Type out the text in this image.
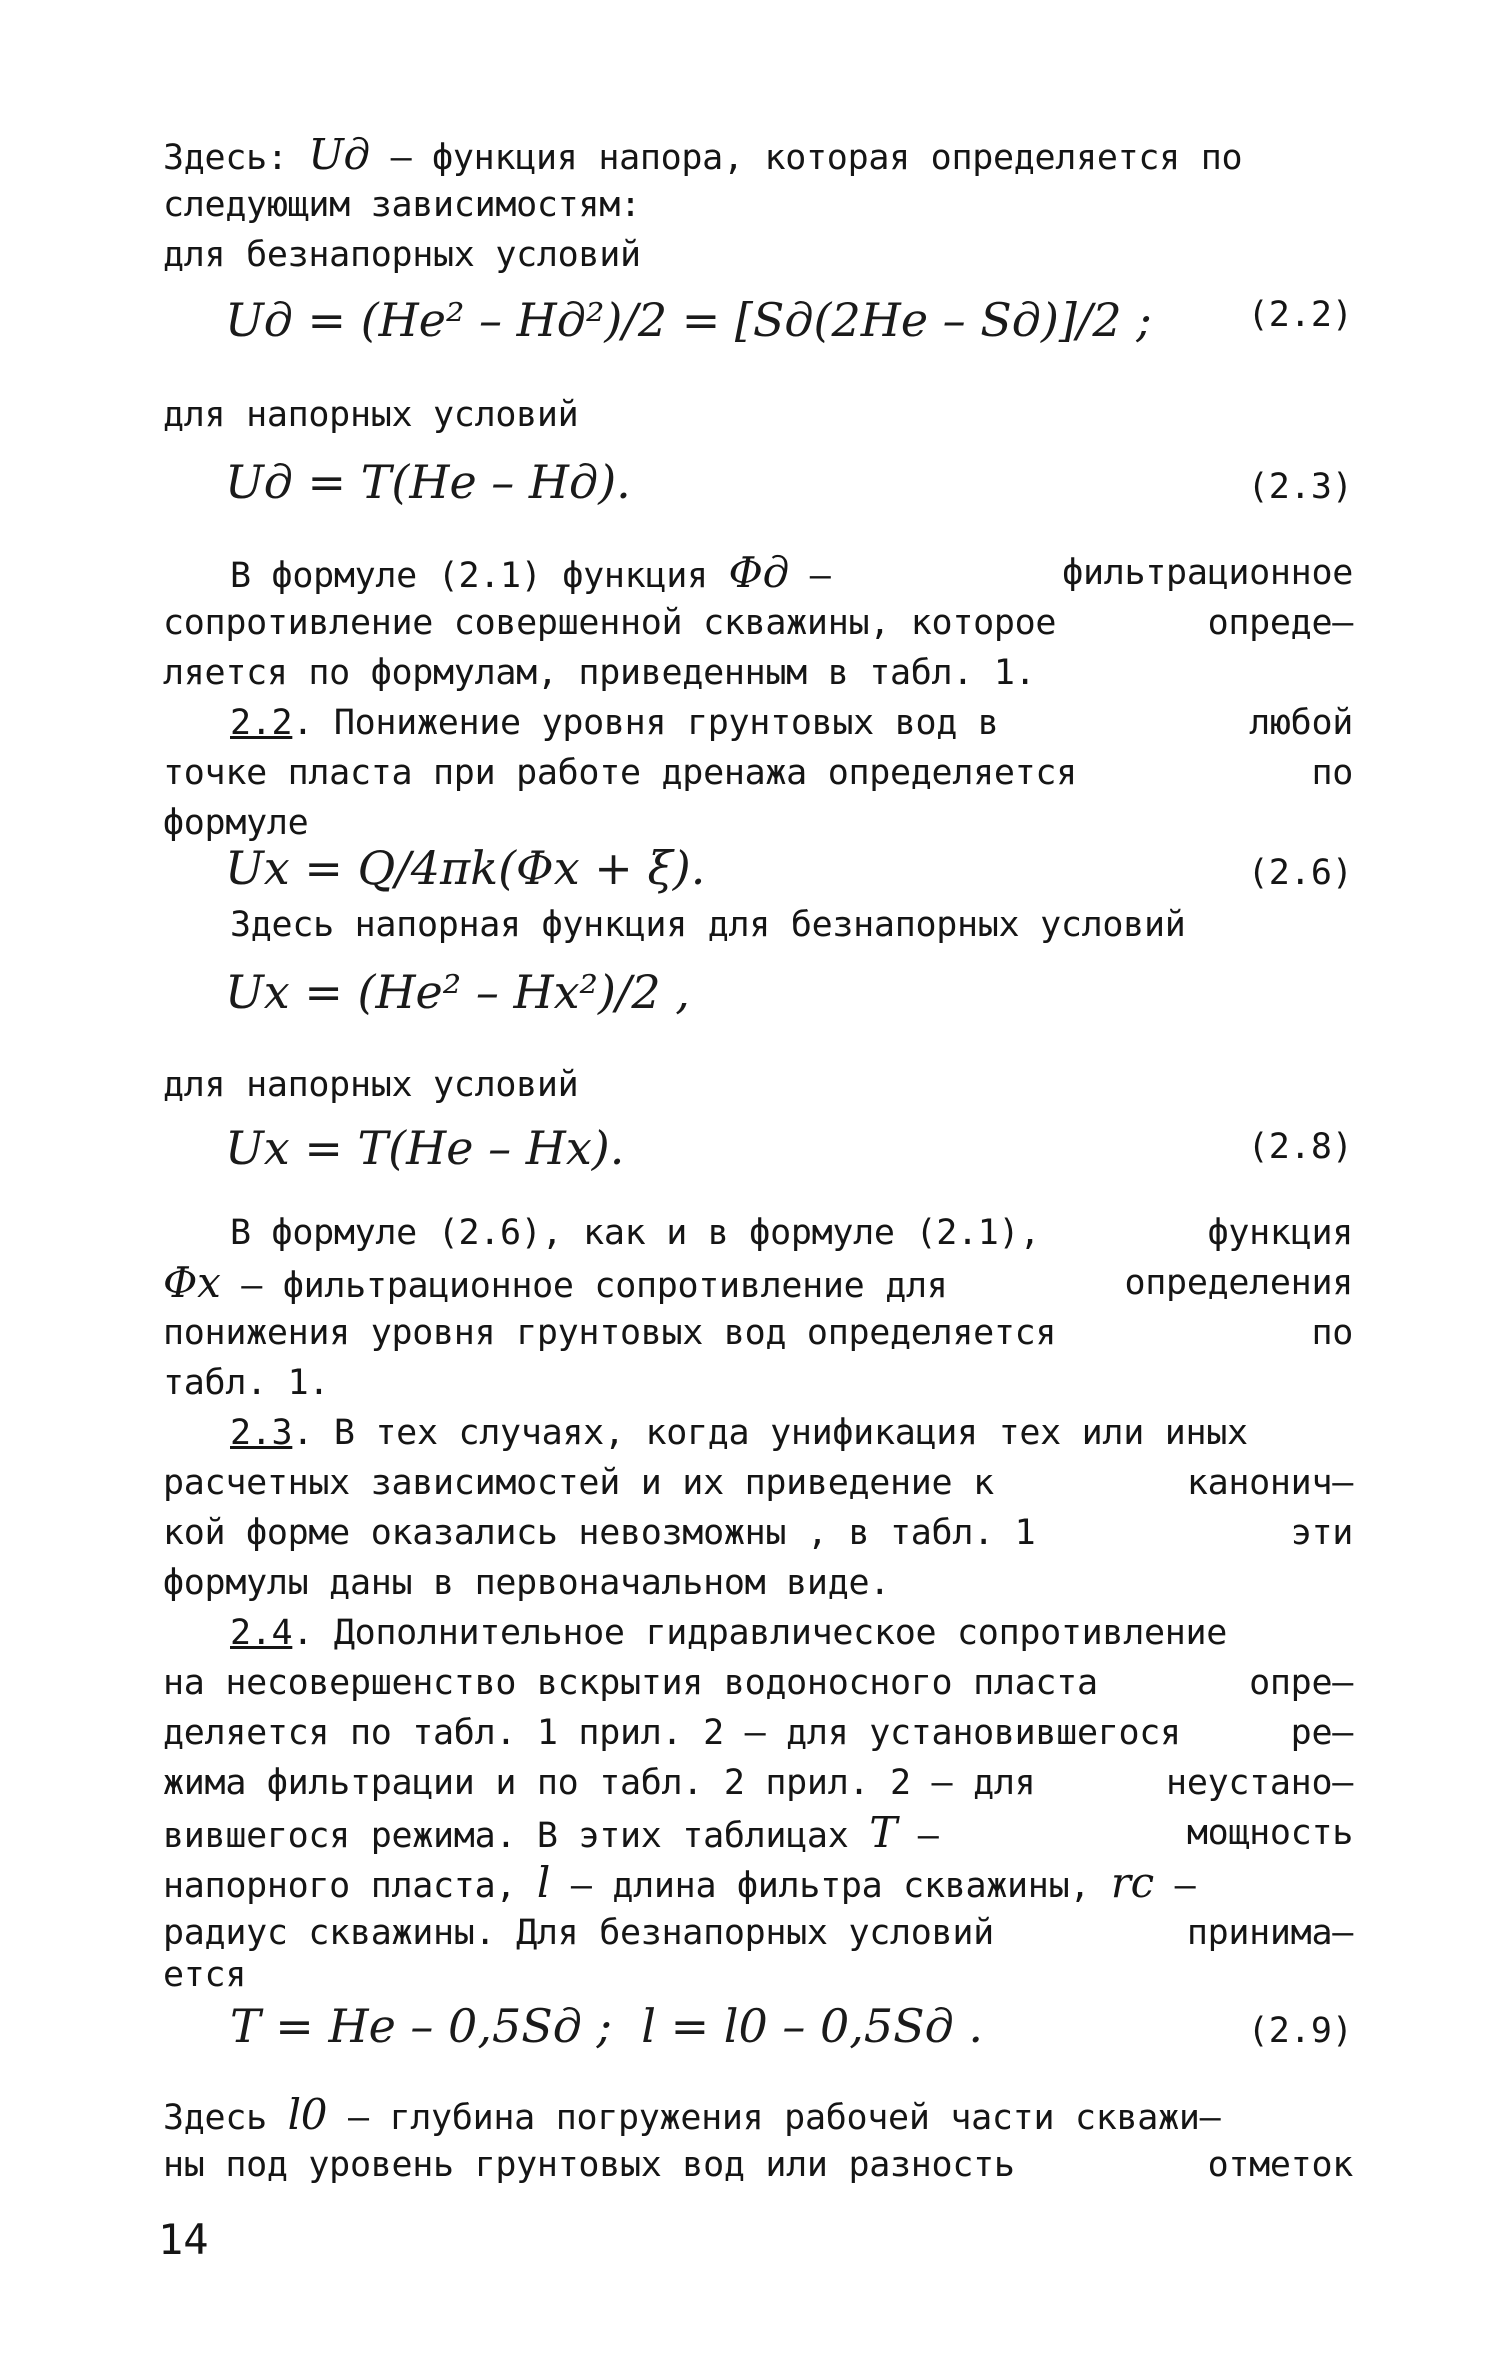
Здесь: Uд – функция напора, которая определяется по
следующим зависимостям:
для безнапорных условий
Uд = (He² – Hд²)/2 = [Sд(2He – Sд)]/2 ;	(2.2)
для напорных условий
Uд = T(He – Hд).	(2.3)
В формуле (2.1) функция Φд –	фильтрационное
сопротивление совершенной скважины, которое	опреде–
ляется по формулам, приведенным в табл. 1.
2.2. Понижение уровня грунтовых вод в	любой
точке пласта при работе дренажа определяется	по
формуле
Ux = Q/4πk(Φx + ξ).	(2.6)
Здесь напорная функция для безнапорных условий
Ux = (He² – Hx²)/2 ,
для напорных условий
Ux = T(He – Hx).	(2.8)
В формуле (2.6), как и в формуле (2.1),	функция
Φx – фильтрационное сопротивление для	определения
понижения уровня грунтовых вод определяется	по
табл. 1.
2.3. В тех случаях, когда унификация тех или иных
расчетных зависимостей и их приведение к	канонич–
кой форме оказались невозможны , в табл. 1	эти
формулы даны в первоначальном виде.
2.4. Дополнительное гидравлическое сопротивление
на несовершенство вскрытия водоносного пласта	опре–
деляется по табл. 1 прил. 2 – для установившегося	ре–
жима фильтрации и по табл. 2 прил. 2 – для	неустано–
вившегося режима. В этих таблицах T –	мощность
напорного пласта, l – длина фильтра скважины, rc –
радиус скважины. Для безнапорных условий	принима–
ется
T = He – 0,5Sд ;  l = l0 – 0,5Sд .	(2.9)
Здесь l0 – глубина погружения рабочей части скважи–
ны под уровень грунтовых вод или разность	отметок
14
